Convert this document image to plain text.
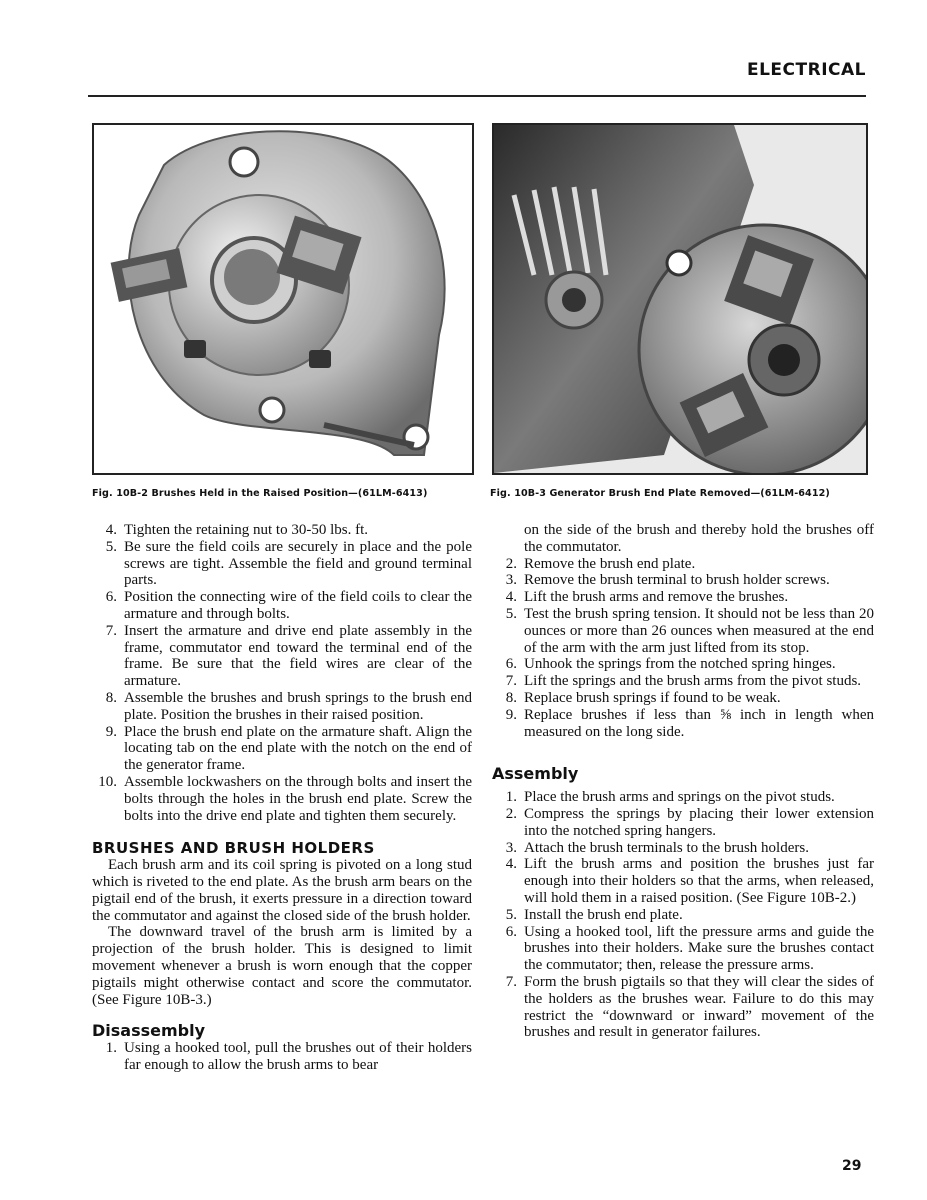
ELECTRICAL
Fig. 10B-2 Brushes Held in the Raised Position—(61LM-6413)	Fig. 10B-3 Generator Brush End Plate Removed—(61LM-6412)
4. Tighten the retaining nut to 30-50 lbs. ft.
5. Be sure the field coils are securely in place and the pole screws are tight. Assemble the field and ground terminal parts.
6. Position the connecting wire of the field coils to clear the armature and through bolts.
7. Insert the armature and drive end plate assembly in the frame, commutator end toward the terminal end of the frame. Be sure that the field wires are clear of the armature.
8. Assemble the brushes and brush springs to the brush end plate. Position the brushes in their raised position.
9. Place the brush end plate on the armature shaft. Align the locating tab on the end plate with the notch on the end of the generator frame.
10. Assemble lockwashers on the through bolts and insert the bolts through the holes in the brush end plate. Screw the bolts into the drive end plate and tighten them securely.
BRUSHES AND BRUSH HOLDERS

Each brush arm and its coil spring is pivoted on a long stud which is riveted to the end plate. As the brush arm bears on the pigtail end of the brush, it exerts pressure in a direction toward the commutator and against the closed side of the brush holder.

The downward travel of the brush arm is limited by a projection of the brush holder. This is designed to limit movement whenever a brush is worn enough that the copper pigtails might otherwise contact and score the commutator. (See Figure 10B-3.)

Disassembly
1. Using a hooked tool, pull the brushes out of their holders far enough to allow the brush arms to bear
on the side of the brush and thereby hold the brushes off the commutator.
2. Remove the brush end plate.
3. Remove the brush terminal to brush holder screws.
4. Lift the brush arms and remove the brushes.
5. Test the brush spring tension. It should not be less than 20 ounces or more than 26 ounces when measured at the end of the arm with the arm just lifted from its stop.
6. Unhook the springs from the notched spring hinges.
7. Lift the springs and the brush arms from the pivot studs.
8. Replace brush springs if found to be weak.
9. Replace brushes if less than ⅝ inch in length when measured on the long side.
Assembly
1. Place the brush arms and springs on the pivot studs.
2. Compress the springs by placing their lower extension into the notched spring hangers.
3. Attach the brush terminals to the brush holders.
4. Lift the brush arms and position the brushes just far enough into their holders so that the arms, when released, will hold them in a raised position. (See Figure 10B-2.)
5. Install the brush end plate.
6. Using a hooked tool, lift the pressure arms and guide the brushes into their holders. Make sure the brushes contact the commutator; then, release the pressure arms.
7. Form the brush pigtails so that they will clear the sides of the holders as the brushes wear. Failure to do this may restrict the “downward or inward” movement of the brushes and result in generator failures.
29
